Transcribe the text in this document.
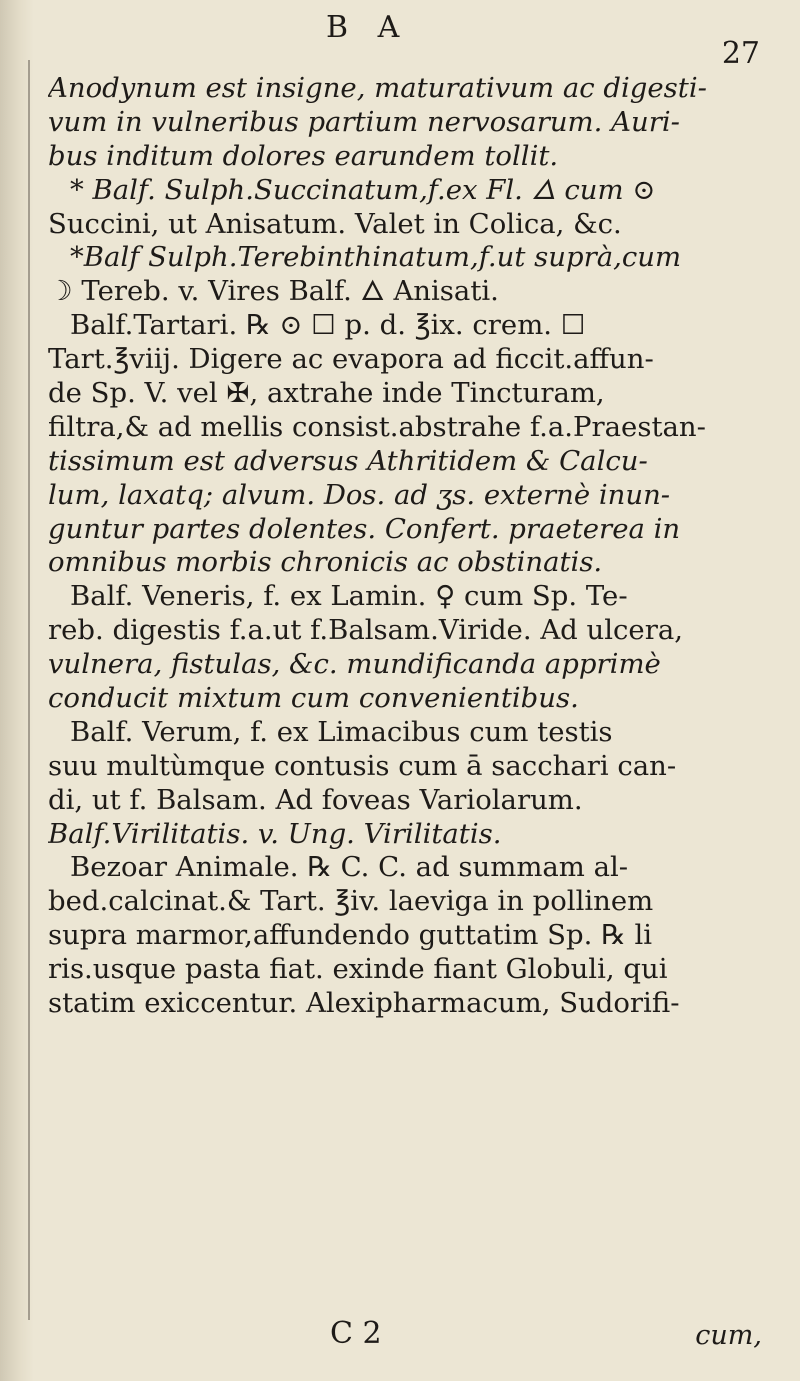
B A
27
Anodynum est insigne, maturativum ac digesti-
vum in vulneribus partium nervosarum. Auri-
bus inditum dolores earundem tollit.
* Balf. Sulph.Succinatum,f.ex Fl. 🜂 cum ⊙
Succini, ut Anisatum. Valet in Colica, &c.
*Balf Sulph.Terebinthinatum,f.ut suprà,cum
☽ Tereb. v. Vires Balf. 🜂 Anisati.
Balf.Tartari. ℞ ⊙ ☐ p. d. ℥ix. crem. ☐
Tart.℥viij. Digere ac evapora ad ficcit.affun-
de Sp. V. vel ✠, axtrahe inde Tincturam,
filtra,& ad mellis consist.abstrahe f.a.Praestan-
tissimum est adversus Athritidem & Calcu-
lum, laxatq; alvum. Dos. ad ʒs. externè inun-
guntur partes dolentes. Confert. praeterea in
omnibus morbis chronicis ac obstinatis.
Balf. Veneris, f. ex Lamin. ♀ cum Sp. Te-
reb. digestis f.a.ut f.Balsam.Viride. Ad ulcera,
vulnera, fistulas, &c. mundificanda apprimè
conducit mixtum cum convenientibus.
Balf. Verum, f. ex Limacibus cum testis
suu multùmque contusis cum ā sacchari can-
di, ut f. Balsam. Ad foveas Variolarum.
Balf.Virilitatis. v. Ung. Virilitatis.
Bezoar Animale. ℞ C. C. ad summam al-
bed.calcinat.& Tart. ℥iv. laeviga in pollinem
supra marmor,affundendo guttatim Sp. ℞ li
ris.usque pasta fiat. exinde fiant Globuli, qui
statim exiccentur. Alexipharmacum, Sudorifi-
C 2	cum,
